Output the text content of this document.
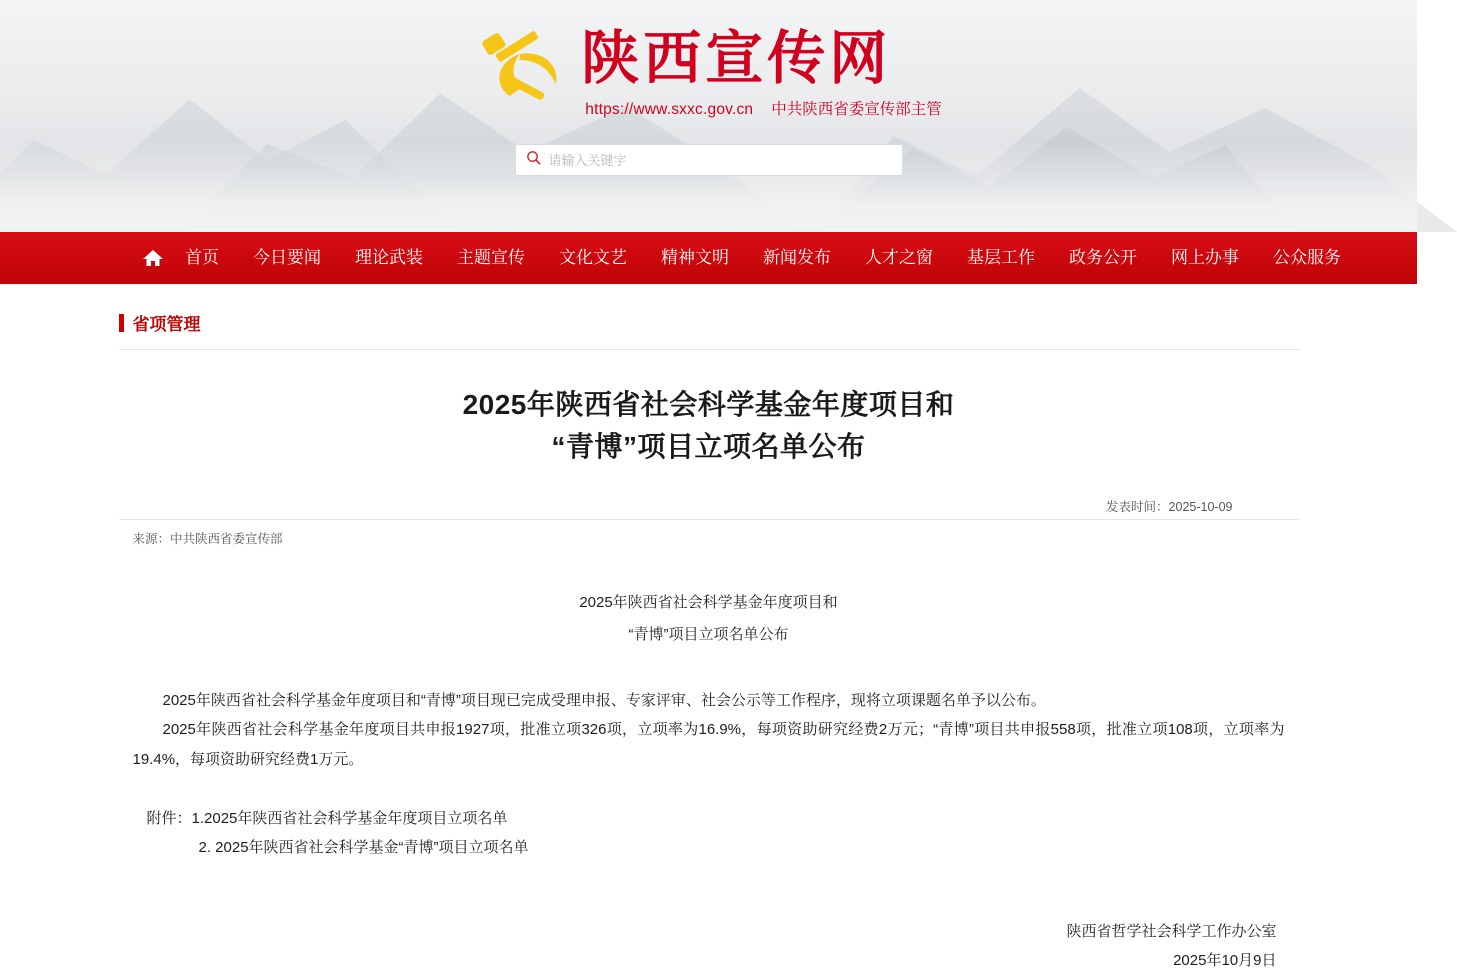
陕西宣传网
https://www.sxxc.gov.cn 中共陕西省委宣传部主管
请输入关键字
首页	今日要闻	理论武装	主题宣传	文化文艺	精神文明	新闻发布	人才之窗	基层工作	政务公开	网上办事	公众服务
省项管理
2025年陕西省社会科学基金年度项目和
“青博”项目立项名单公布
发表时间：2025-10-09
来源：中共陕西省委宣传部
2025年陕西省社会科学基金年度项目和
“青博”项目立项名单公布

2025年陕西省社会科学基金年度项目和“青博”项目现已完成受理申报、专家评审、社会公示等工作程序，现将立项课题名单予以公布。

2025年陕西省社会科学基金年度项目共申报1927项，批准立项326项，立项率为16.9%，每项资助研究经费2万元；“青博”项目共申报558项，批准立项108项，立项率为19.4%，每项资助研究经费1万元。

附件：1.2025年陕西省社会科学基金年度项目立项名单
2. 2025年陕西省社会科学基金“青博”项目立项名单
陕西省哲学社会科学工作办公室
2025年10月9日
